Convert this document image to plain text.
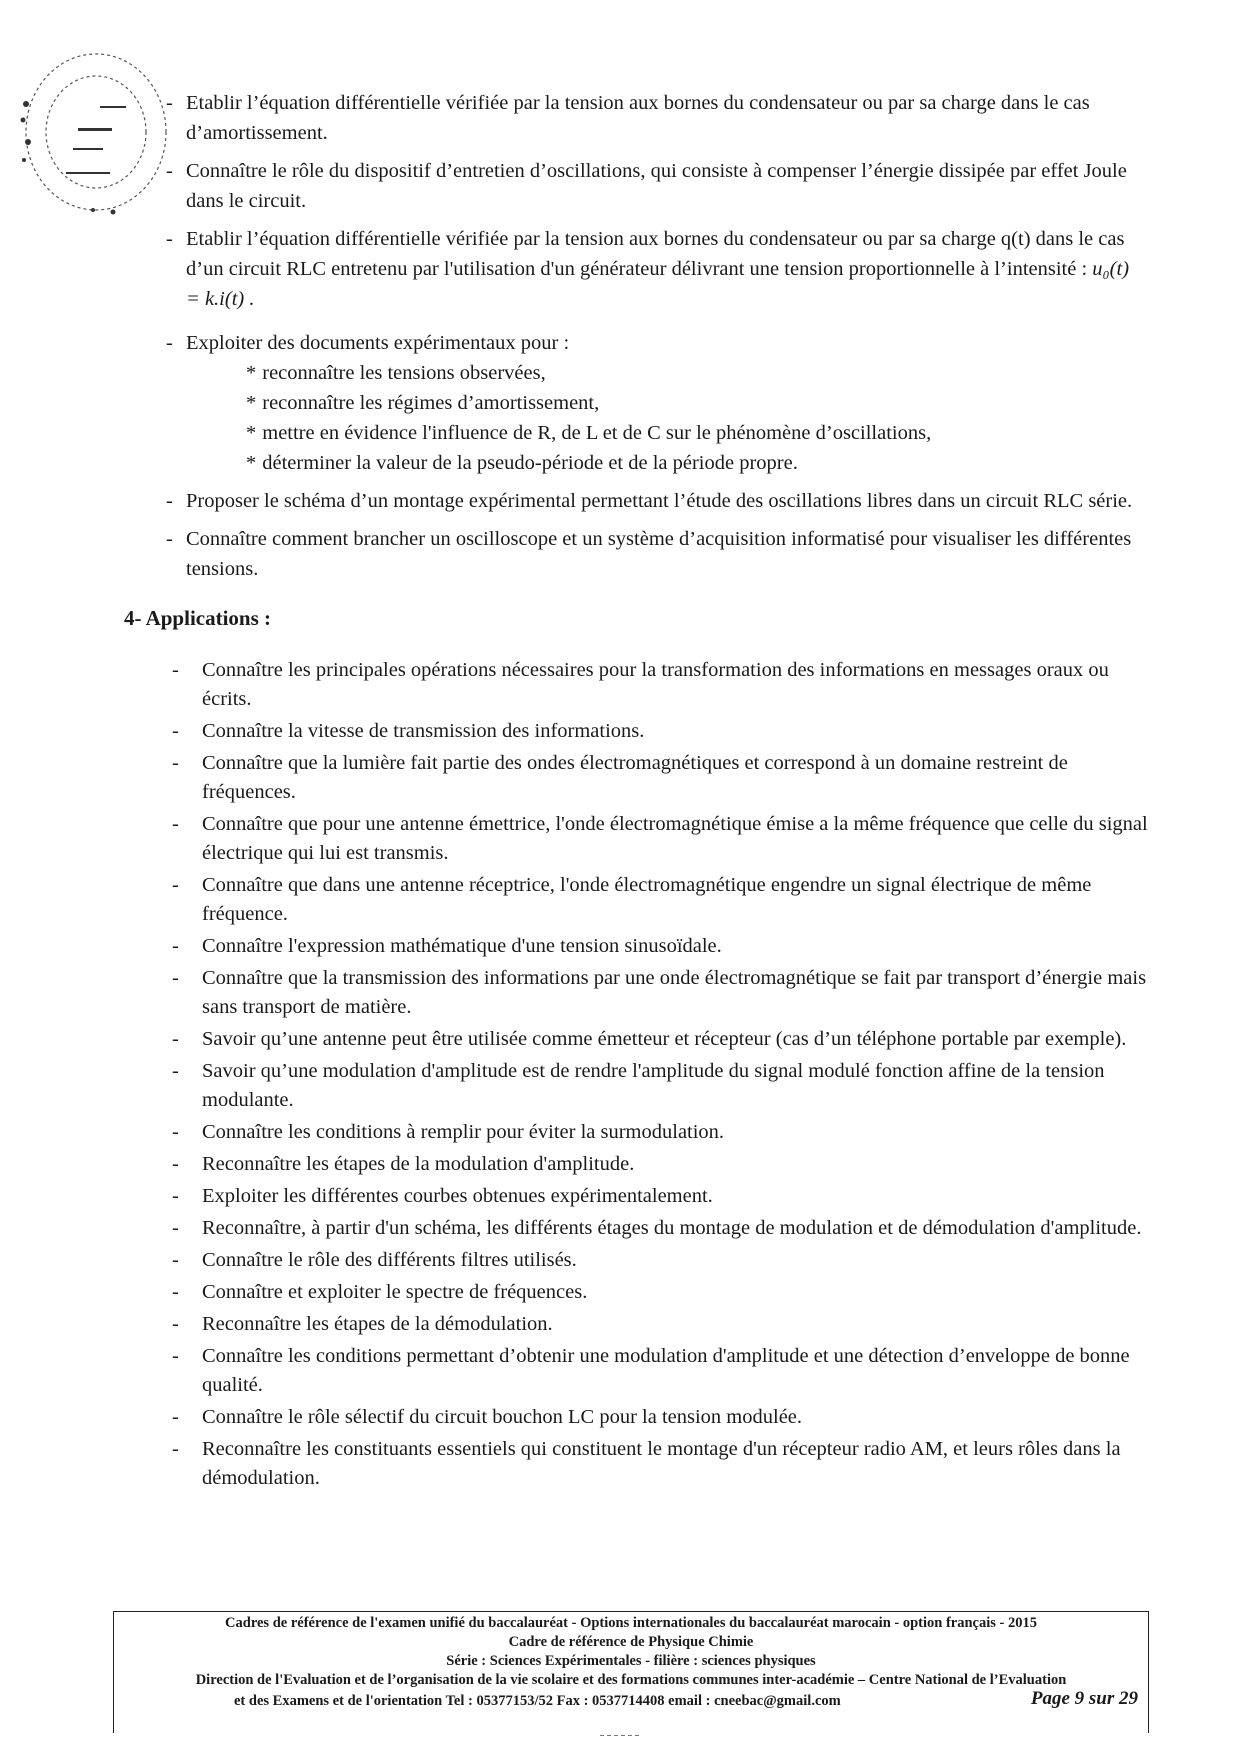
- Etablir l’équation différentielle vérifiée par la tension aux bornes du condensateur ou par sa charge dans le cas d’amortissement.
- Connaître le rôle du dispositif d’entretien d’oscillations, qui consiste à compenser l’énergie dissipée par effet Joule dans le circuit.
- Etablir l’équation différentielle vérifiée par la tension aux bornes du condensateur ou par sa charge q(t) dans le cas d’un circuit RLC entretenu par l'utilisation d'un générateur délivrant une tension proportionnelle à l’intensité : u₀(t) = k.i(t) .
- Exploiter des documents expérimentaux pour :
* reconnaître les tensions observées,
* reconnaître les régimes d’amortissement,
* mettre en évidence l'influence de R, de L et de C sur le phénomène d’oscillations,
* déterminer la valeur de la pseudo-période et de la période propre.
- Proposer le schéma d’un montage expérimental permettant l’étude des oscillations libres dans un circuit RLC série.
- Connaître comment brancher un oscilloscope et un système d’acquisition informatisé pour visualiser les différentes tensions.
4- Applications :
- Connaître les principales opérations nécessaires pour la transformation des informations en messages oraux ou écrits.
- Connaître la vitesse de transmission des informations.
- Connaître que la lumière fait partie des ondes électromagnétiques et correspond à un domaine restreint de fréquences.
- Connaître que pour une antenne émettrice, l'onde électromagnétique émise a la même fréquence que celle du signal électrique qui lui est transmis.
- Connaître que dans une antenne réceptrice, l'onde électromagnétique engendre un signal électrique de même fréquence.
- Connaître l'expression mathématique d'une tension sinusoïdale.
- Connaître que la transmission des informations par une onde électromagnétique se fait par transport d’énergie mais sans transport de matière.
- Savoir qu’une antenne peut être utilisée comme émetteur et récepteur (cas d’un téléphone portable par exemple).
- Savoir qu’une modulation d'amplitude est de rendre l'amplitude du signal modulé fonction affine de la tension modulante.
- Connaître les conditions à remplir pour éviter la surmodulation.
- Reconnaître les étapes de la modulation d'amplitude.
- Exploiter les différentes courbes obtenues expérimentalement.
- Reconnaître, à partir d'un schéma, les différents étages du montage de modulation et de démodulation d'amplitude.
- Connaître le rôle des différents filtres utilisés.
- Connaître et exploiter le spectre de fréquences.
- Reconnaître les étapes de la démodulation.
- Connaître les conditions permettant d’obtenir une modulation d'amplitude et une détection d’enveloppe de bonne qualité.
- Connaître le rôle sélectif du circuit bouchon LC pour la tension modulée.
- Reconnaître les constituants essentiels qui constituent le montage d'un récepteur radio AM, et leurs rôles dans la démodulation.
Cadres de référence de l'examen unifié du baccalauréat - Options internationales du baccalauréat marocain - option français - 2015
Cadre de référence de Physique Chimie
Série : Sciences Expérimentales - filière : sciences physiques
Direction de l'Evaluation et de l’organisation de la vie scolaire et des formations communes inter-académie – Centre National de l’Evaluation
et des Examens et de l'orientation Tel : 05377153/52 Fax : 0537714408 email : cneebac@gmail.com	Page 9 sur 29
